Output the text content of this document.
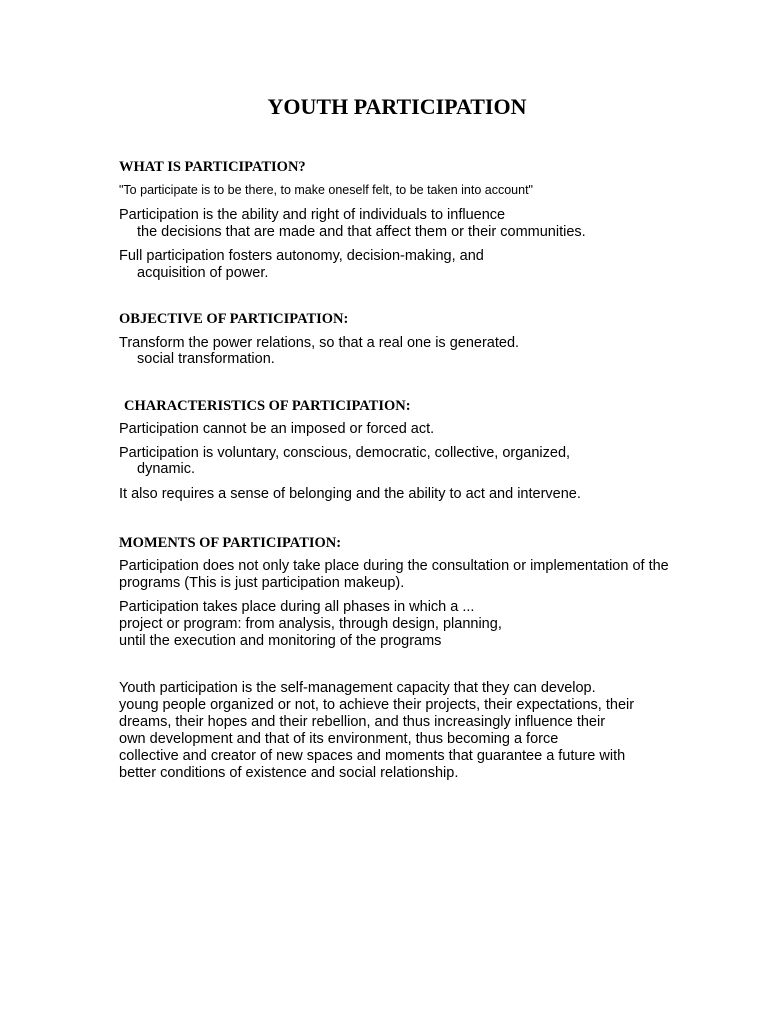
YOUTH PARTICIPATION
WHAT IS PARTICIPATION?

"To participate is to be there, to make oneself felt, to be taken into account"

Participation is the ability and right of individuals to influence

the decisions that are made and that affect them or their communities.

Full participation fosters autonomy, decision-making, and

acquisition of power.

OBJECTIVE OF PARTICIPATION:

Transform the power relations, so that a real one is generated.

social transformation.

CHARACTERISTICS OF PARTICIPATION:

Participation cannot be an imposed or forced act.

Participation is voluntary, conscious, democratic, collective, organized,

dynamic.

It also requires a sense of belonging and the ability to act and intervene.

MOMENTS OF PARTICIPATION:

Participation does not only take place during the consultation or implementation of the

programs (This is just participation makeup).

Participation takes place during all phases in which a ...

project or program: from analysis, through design, planning,

until the execution and monitoring of the programs

Youth participation is the self-management capacity that they can develop.

young people organized or not, to achieve their projects, their expectations, their

dreams, their hopes and their rebellion, and thus increasingly influence their

own development and that of its environment, thus becoming a force

collective and creator of new spaces and moments that guarantee a future with

better conditions of existence and social relationship.
